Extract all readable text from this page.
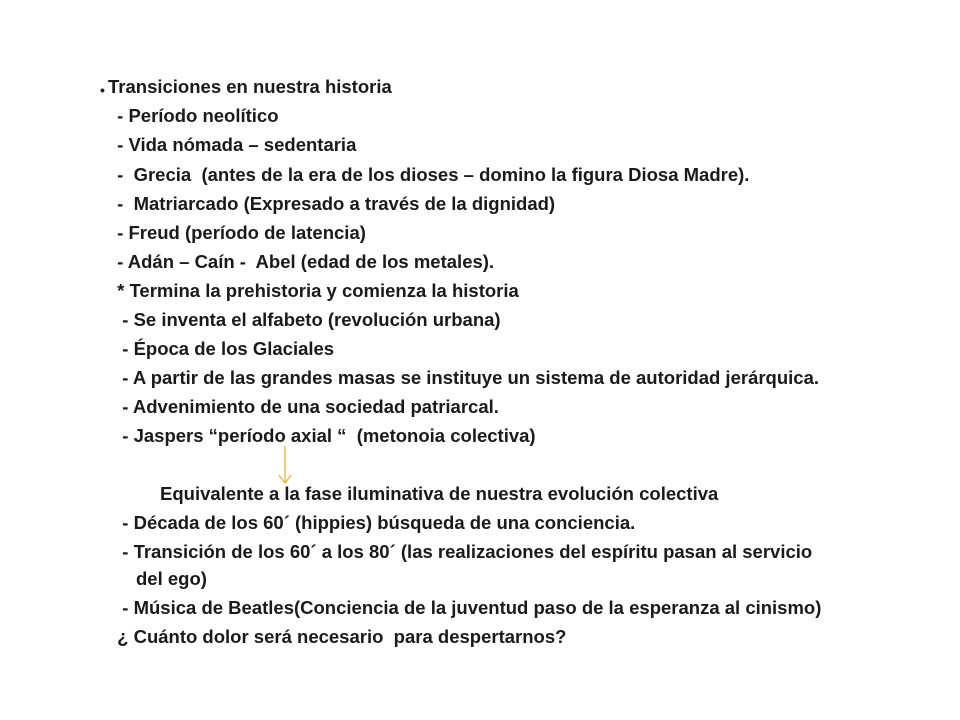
• Transiciones en nuestra historia
- Período neolítico
- Vida nómada – sedentaria
-  Grecia  (antes de la era de los dioses – domino la figura Diosa Madre).
-  Matriarcado (Expresado a través de la dignidad)
- Freud (período de latencia)
- Adán – Caín -  Abel (edad de los metales).
* Termina la prehistoria y comienza la historia
- Se inventa el alfabeto (revolución urbana)
- Época de los Glaciales
- A partir de las grandes masas se instituye un sistema de autoridad jerárquica.
- Advenimiento de una sociedad patriarcal.
- Jaspers “período axial “  (metonoia colectiva)
Equivalente a la fase iluminativa de nuestra evolución colectiva
- Década de los 60´ (hippies) búsqueda de una conciencia.
- Transición de los 60´ a los 80´ (las realizaciones del espíritu pasan al servicio
del ego)
- Música de Beatles(Conciencia de la juventud paso de la esperanza al cinismo)
¿ Cuánto dolor será necesario  para despertarnos?
